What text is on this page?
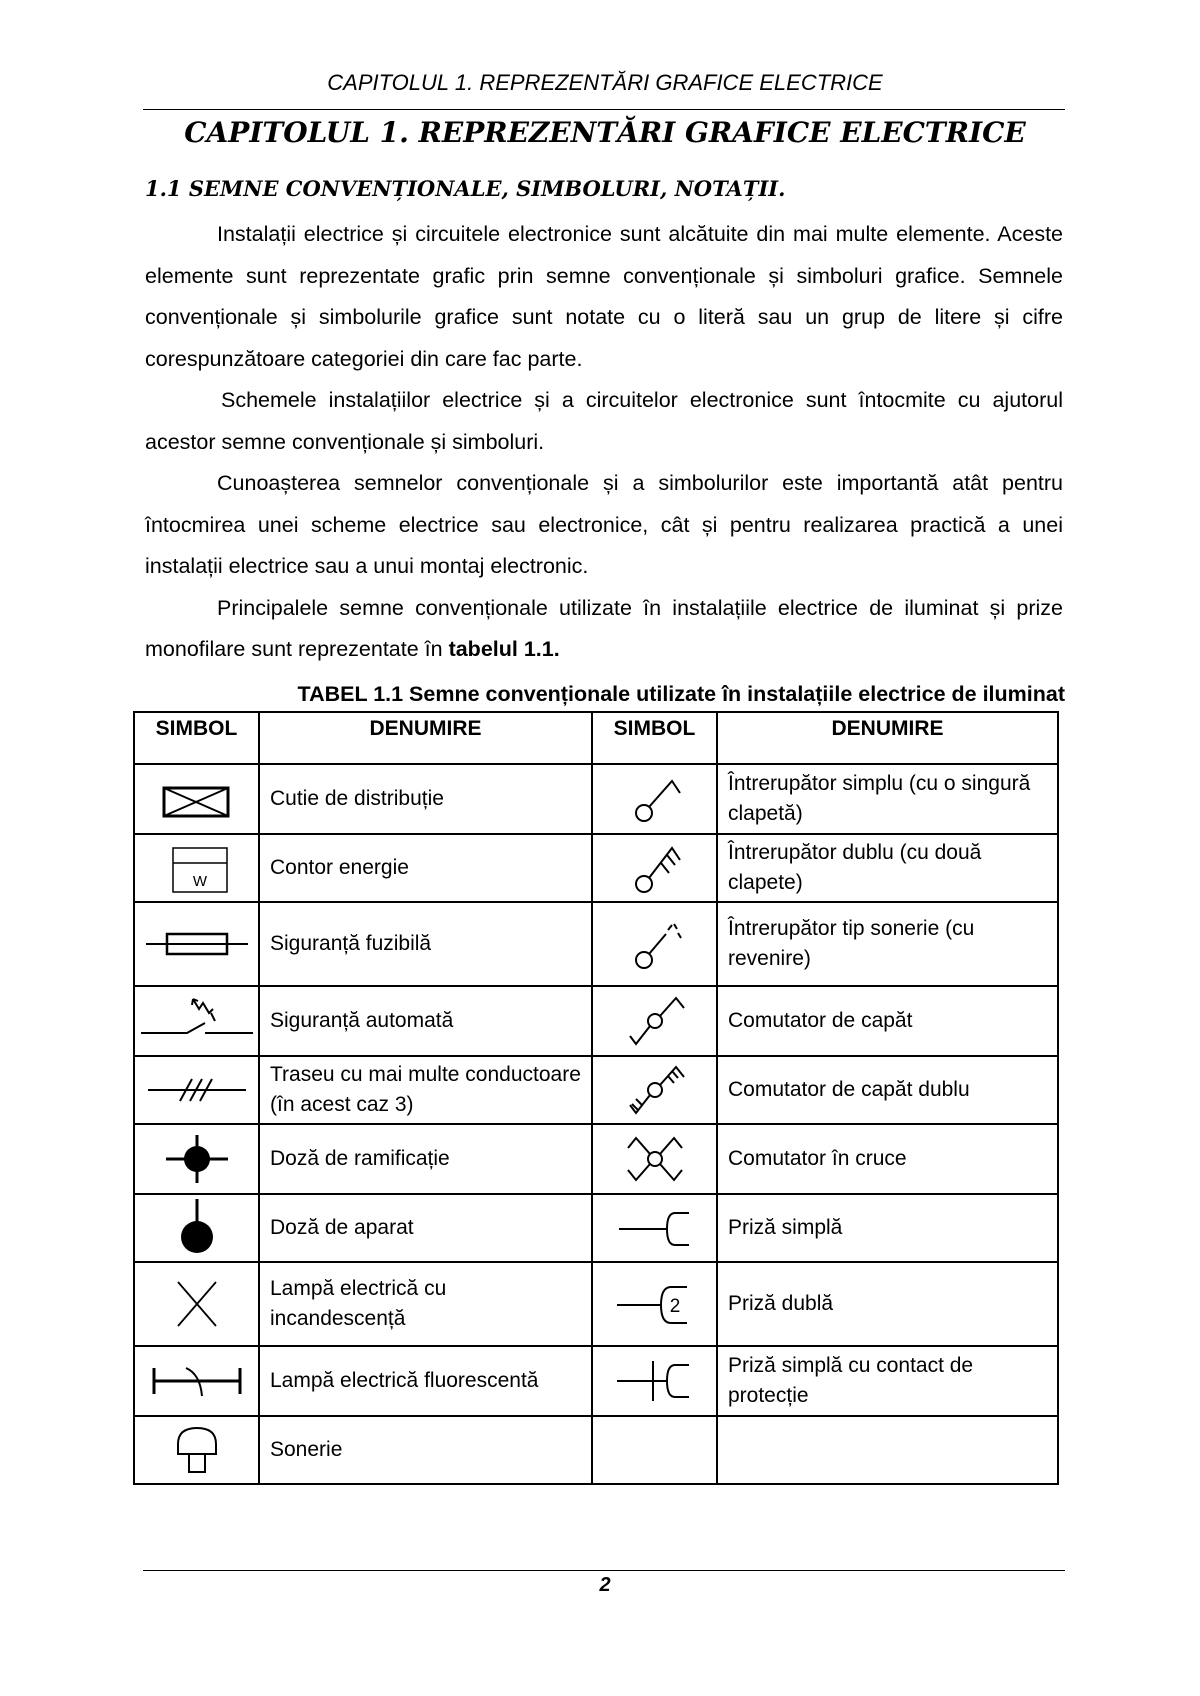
CAPITOLUL 1. REPREZENTĂRI GRAFICE ELECTRICE
CAPITOLUL 1. REPREZENTĂRI GRAFICE ELECTRICE
1.1 SEMNE CONVENȚIONALE, SIMBOLURI, NOTAȚII.

Instalații electrice și circuitele electronice sunt alcătuite din mai multe elemente. Aceste elemente sunt reprezentate grafic prin semne convenționale și simboluri grafice. Semnele convenționale și simbolurile grafice sunt notate cu o literă sau un grup de litere și cifre corespunzătoare categoriei din care fac parte.

Schemele instalațiilor electrice și a circuitelor electronice sunt întocmite cu ajutorul acestor semne convenționale și simboluri.

Cunoașterea semnelor convenționale și a simbolurilor este importantă atât pentru întocmirea unei scheme electrice sau electronice, cât și pentru realizarea practică a unei instalații electrice sau a unui montaj electronic.

Principalele semne convenționale utilizate în instalațiile electrice de iluminat și prize monofilare sunt reprezentate în tabelul 1.1.

TABEL 1.1 Semne convenționale utilizate în instalațiile electrice de iluminat
SIMBOL	DENUMIRE	SIMBOL	DENUMIRE

	Cutie de distribuție		Întrerupător simplu (cu o singură clapetă)

W	Contor energie		Întrerupător dublu (cu două clapete)

	Siguranță fuzibilă		Întrerupător tip sonerie (cu revenire)

	Siguranță automată		Comutator de capăt

	Traseu cu mai multe conductoare (în acest caz 3)		Comutator de capăt dublu

	Doză de ramificație		Comutator în cruce

	Doză de aparat		Priză simplă

	Lampă electrică cu incandescență	2	Priză dublă

	Lampă electrică fluorescentă		Priză simplă cu contact de protecție

	Sonerie		
2
